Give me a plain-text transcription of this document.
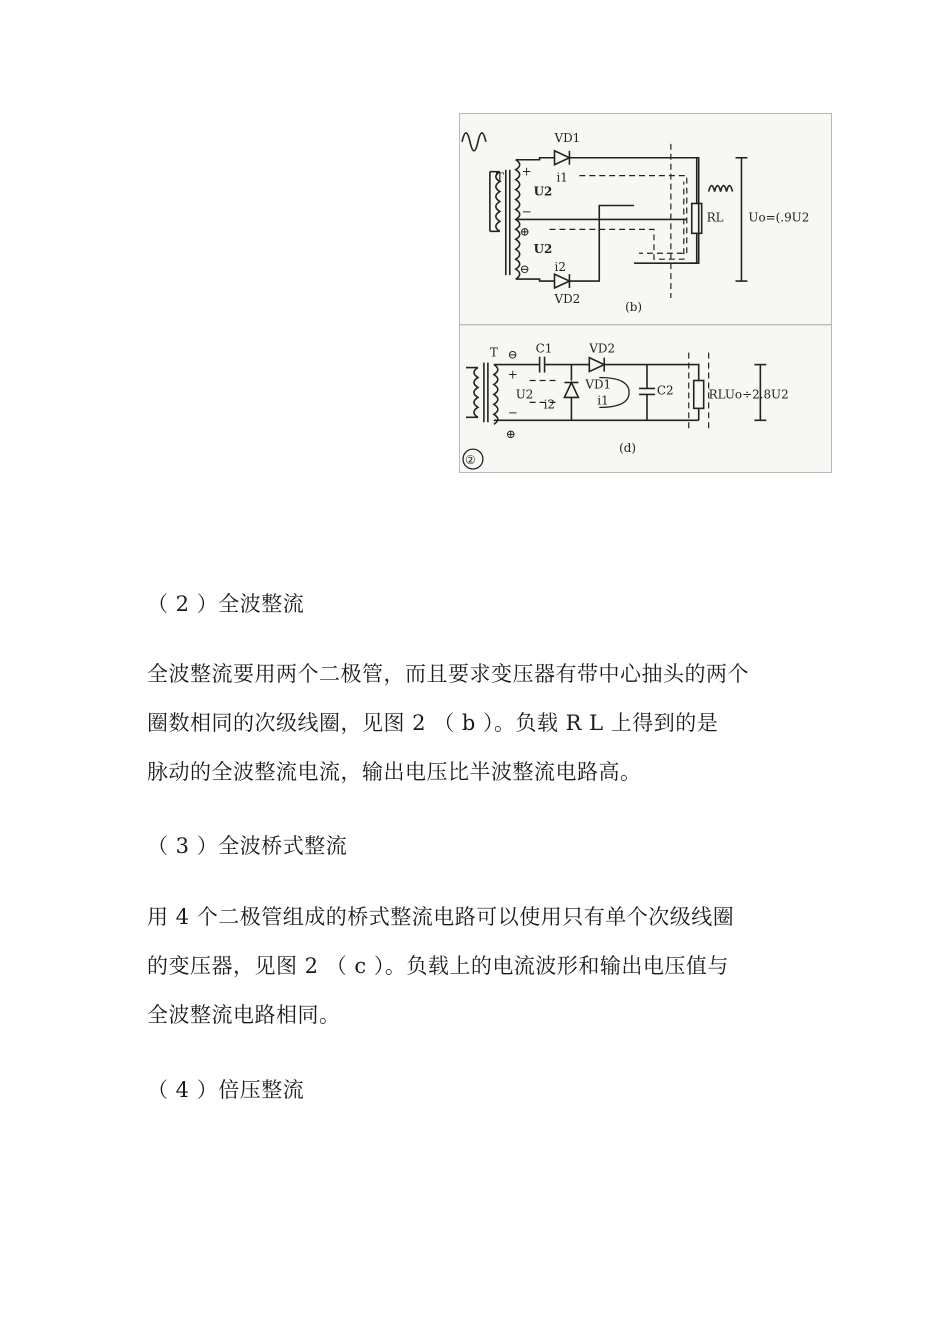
VD1
T + i1
U2
−
⊕
U2
⊖ i2
VD2
RL Uo=(.9U2
(b)
T ⊖ C1	VD2
+
U2
i2
VD1
i1
C2
−
⊕
RLUo÷2.8U2
(d)
②
（ 2 ）全波整流
全波整流要用两个二极管，而且要求变压器有带中心抽头的两个
圈数相同的次级线圈，见图 2 （ b ）。负载 R L 上得到的是
脉动的全波整流电流，输出电压比半波整流电路高。
（ 3 ）全波桥式整流
用 4 个二极管组成的桥式整流电路可以使用只有单个次级线圈
的变压器，见图 2 （ c ）。负载上的电流波形和输出电压值与
全波整流电路相同。
（ 4 ）倍压整流
